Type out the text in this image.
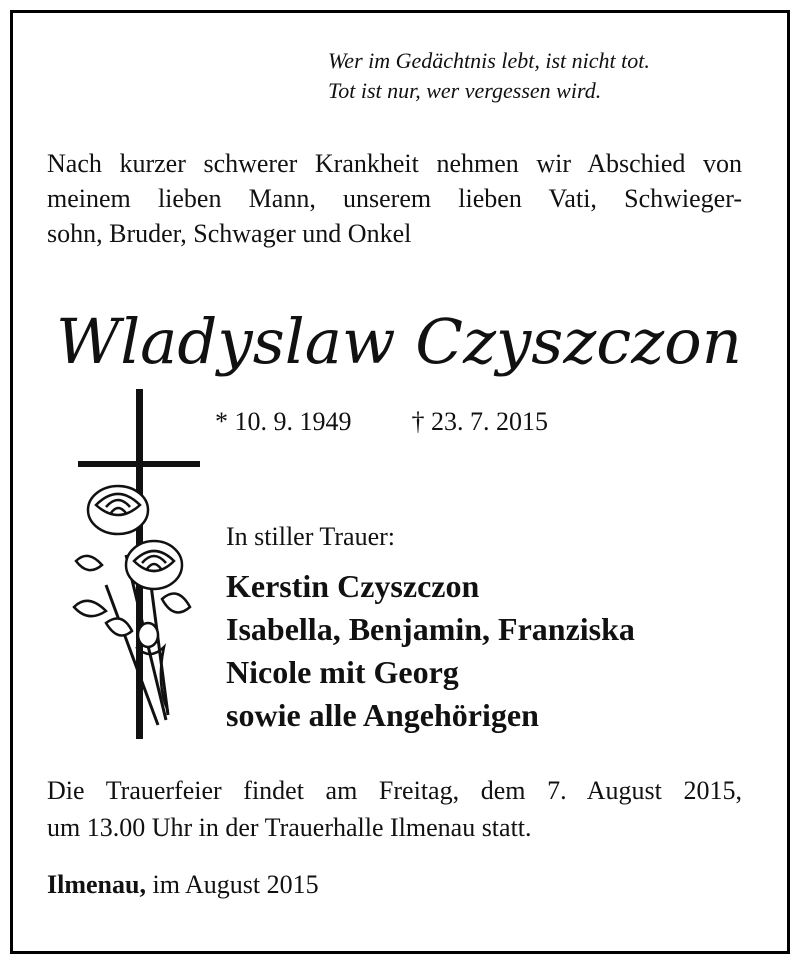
Wer im Gedächtnis lebt, ist nicht tot.
Tot ist nur, wer vergessen wird.
Nach kurzer schwerer Krankheit nehmen wir Abschied von
meinem lieben Mann, unserem lieben Vati, Schwieger-
sohn, Bruder, Schwager und Onkel
Wladyslaw Czyszczon
* 10. 9. 1949 † 23. 7. 2015
In stiller Trauer:
Kerstin Czyszczon
Isabella, Benjamin, Franziska
Nicole mit Georg
sowie alle Angehörigen
Die Trauerfeier findet am Freitag, dem 7. August 2015,
um 13.00 Uhr in der Trauerhalle Ilmenau statt.
Ilmenau, im August 2015
